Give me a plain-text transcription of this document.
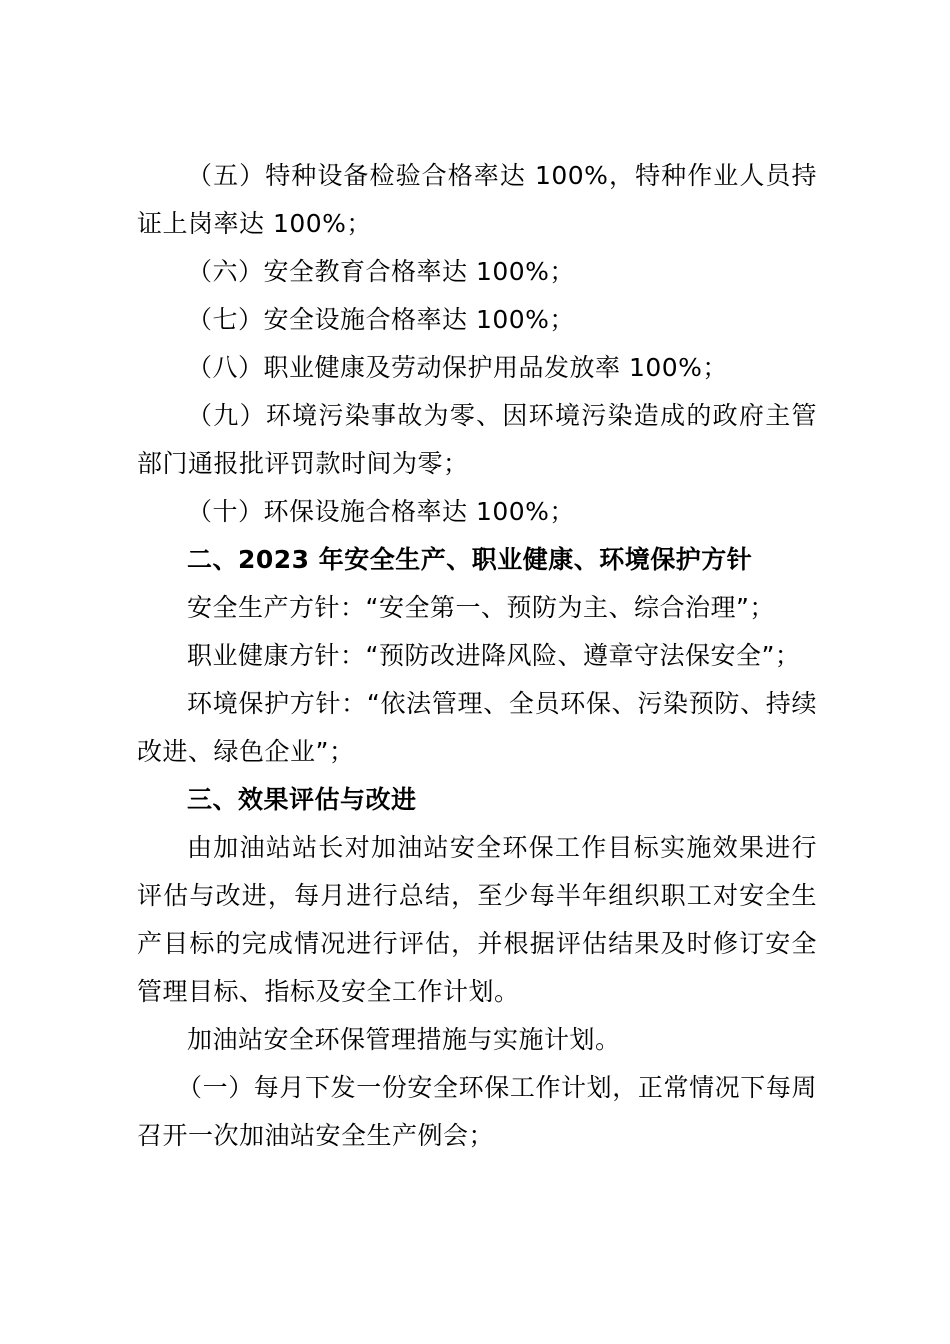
（五）特种设备检验合格率达 100%，特种作业人员持证上岗率达 100%；

（六）安全教育合格率达 100%；

（七）安全设施合格率达 100%；

（八）职业健康及劳动保护用品发放率 100%；

（九）环境污染事故为零、因环境污染造成的政府主管部门通报批评罚款时间为零；

（十）环保设施合格率达 100%；

二、2023 年安全生产、职业健康、环境保护方针

安全生产方针：“安全第一、预防为主、综合治理”；

职业健康方针：“预防改进降风险、遵章守法保安全”；

环境保护方针：“依法管理、全员环保、污染预防、持续改进、绿色企业”；

三、效果评估与改进

由加油站站长对加油站安全环保工作目标实施效果进行评估与改进，每月进行总结，至少每半年组织职工对安全生产目标的完成情况进行评估，并根据评估结果及时修订安全管理目标、指标及安全工作计划。

加油站安全环保管理措施与实施计划。

（一）每月下发一份安全环保工作计划，正常情况下每周召开一次加油站安全生产例会；
